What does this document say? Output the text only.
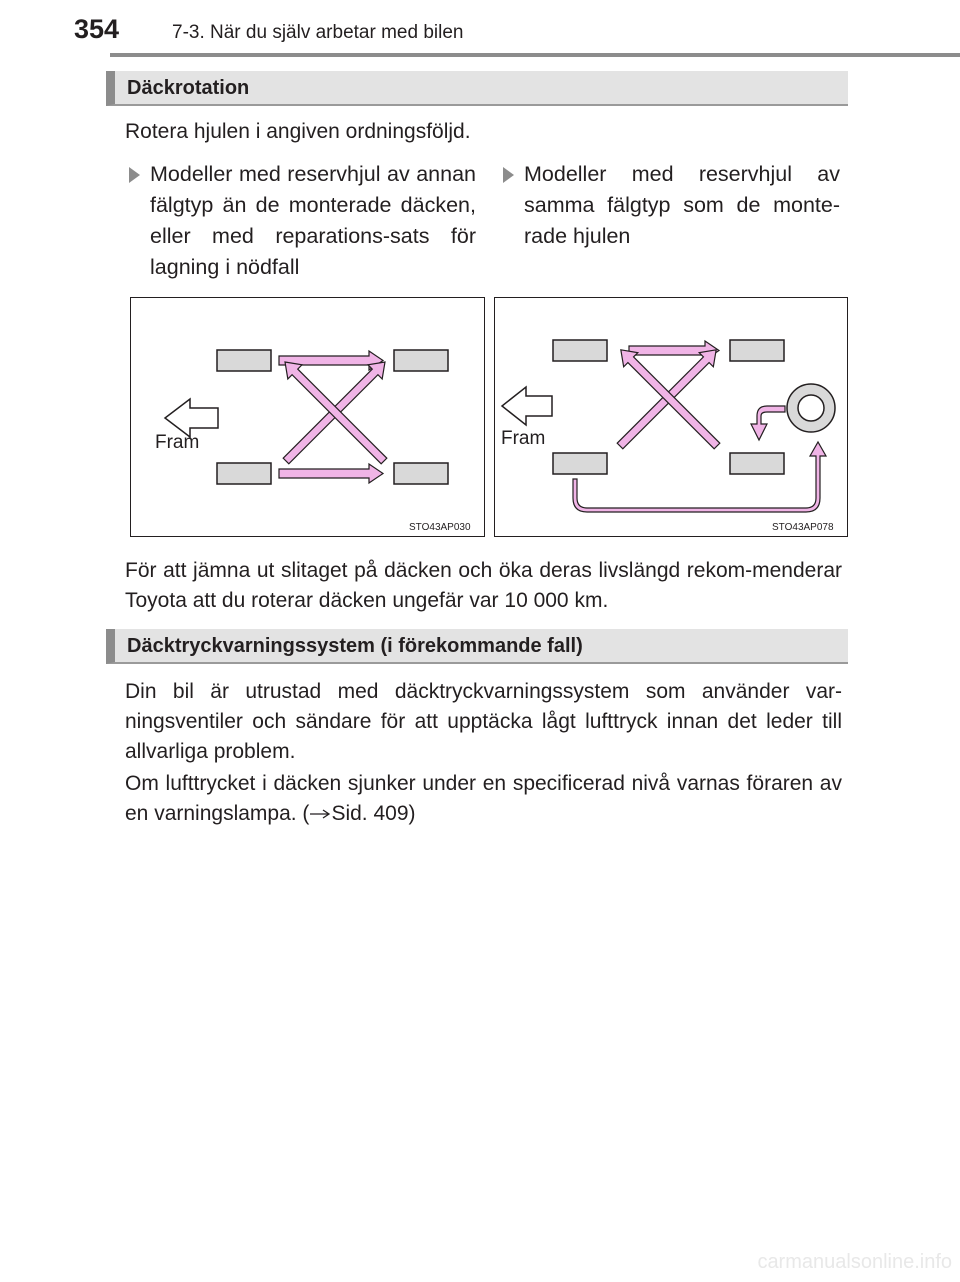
354	7-3. När du själv arbetar med bilen
Däckrotation
Rotera hjulen i angiven ordningsföljd.
Modeller med reservhjul av annan fälgtyp än de monterade däcken, eller med reparations-sats för lagning i nödfall
Modeller med reservhjul av samma fälgtyp som de monte-rade hjulen
Fram
STO43AP030
Fram
STO43AP078
För att jämna ut slitaget på däcken och öka deras livslängd rekom-menderar Toyota att du roterar däcken ungefär var 10 000 km.
Däcktryckvarningssystem (i förekommande fall)
Din bil är utrustad med däcktryckvarningssystem som använder var-ningsventiler och sändare för att upptäcka lågt lufttryck innan det leder till allvarliga problem.
Om lufttrycket i däcken sjunker under en specificerad nivå varnas föraren av en varningslampa. ( Sid. 409)
carmanualsonline.info
